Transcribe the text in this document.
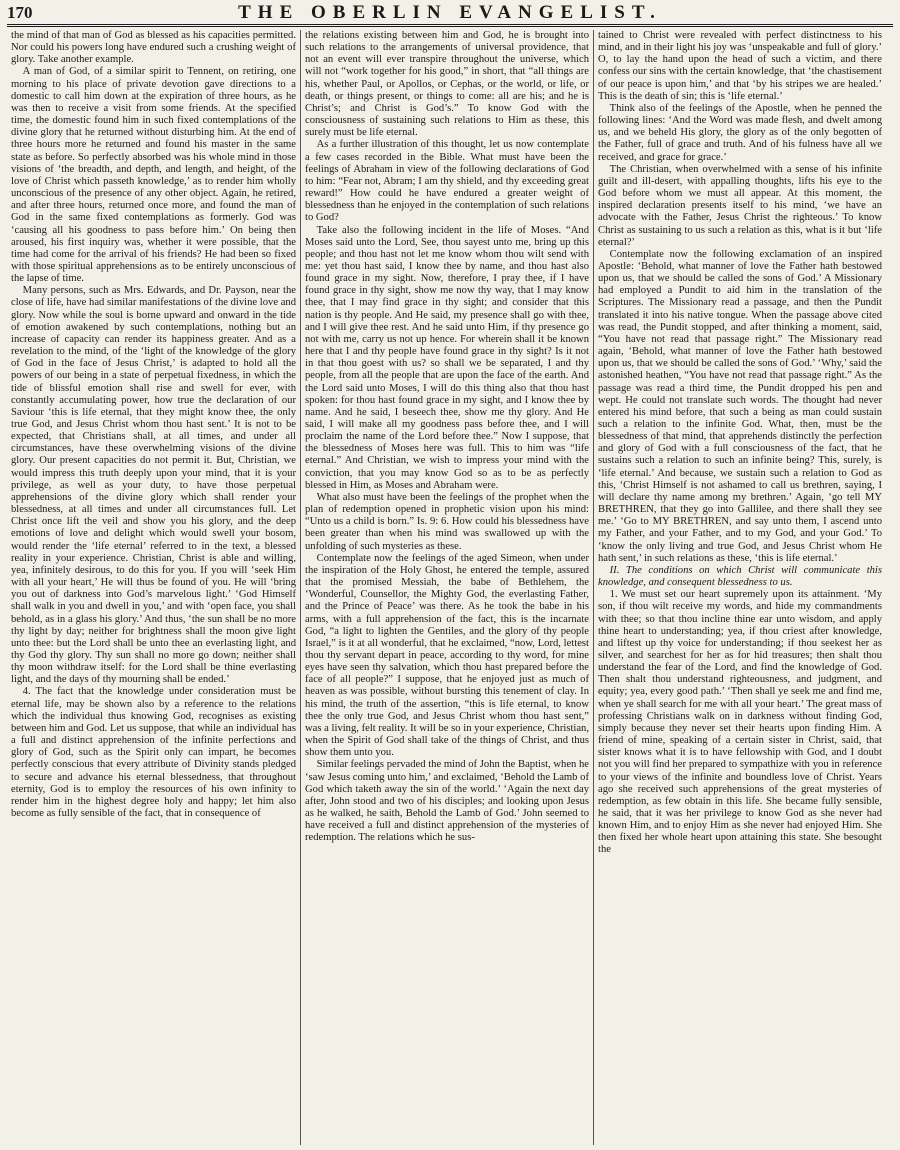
170	THE OBERLIN EVANGELIST.

the mind of that man of God as blessed as his capacities permitted. Nor could his powers long have endured such a crushing weight of glory. Take another example.

A man of God, of a similar spirit to Tennent, on retiring, one morning to his place of private devotion gave directions to a domestic to call him down at the expiration of three hours, as he was then to receive a visit from some friends. At the specified time, the domestic found him in such fixed contemplations of the divine glory that he returned without disturbing him. At the end of three hours more he returned and found his master in the same state as before. So perfectly absorbed was his whole mind in those visions of ‘the breadth, and depth, and length, and height, of the love of Christ which passeth knowledge,’ as to render him wholly unconscious of the presence of any other object. Again, he retired, and after three hours, returned once more, and found the man of God in the same fixed contemplations as formerly. God was ‘causing all his goodness to pass before him.’ On being then aroused, his first inquiry was, whether it were possible, that the time had come for the arrival of his friends? He had been so fixed with those spiritual apprehensions as to be entirely unconscious of the lapse of time.

Many persons, such as Mrs. Edwards, and Dr. Payson, near the close of life, have had similar manifestations of the divine love and glory. Now while the soul is borne upward and onward in the tide of emotion awakened by such contemplations, nothing but an increase of capacity can render its happiness greater. And as a revelation to the mind, of the ‘light of the knowledge of the glory of God in the face of Jesus Christ,’ is adapted to hold all the powers of our being in a state of perpetual fixedness, in which the tide of blissful emotion shall rise and swell for ever, with constantly accumulating power, how true the declaration of our Saviour ‘this is life eternal, that they might know thee, the only true God, and Jesus Christ whom thou hast sent.’ It is not to be expected, that Christians shall, at all times, and under all circumstances, have these overwhelming visions of the divine glory. Our present capacities do not permit it. But, Christian, we would impress this truth deeply upon your mind, that it is your privilege, as well as your duty, to have those perpetual apprehensions of the divine glory which shall render your blessedness, at all times and under all circumstances full. Let Christ once lift the veil and show you his glory, and the deep emotions of love and delight which would swell your bosom, would render the ‘life eternal’ referred to in the text, a blessed reality in your experience. Christian, Christ is able and willing, yea, infinitely desirous, to do this for you. If you will ‘seek Him with all your heart,’ He will thus be found of you. He will ‘bring you out of darkness into God’s marvelous light.’ ‘God Himself shall walk in you and dwell in you,’ and with ‘open face, you shall behold, as in a glass his glory.’ And thus, ‘the sun shall be no more thy light by day; neither for brightness shall the moon give light unto thee: but the Lord shall be unto thee an everlasting light, and thy God thy glory. Thy sun shall no more go down; neither shall thy moon withdraw itself: for the Lord shall be thine everlasting light, and the days of thy mourning shall be ended.’

4. The fact that the knowledge under consideration must be eternal life, may be shown also by a reference to the relations which the individual thus knowing God, recognises as existing between him and God. Let us suppose, that while an individual has a full and distinct apprehension of the infinite perfections and glory of God, such as the Spirit only can impart, he becomes perfectly conscious that every attribute of Divinity stands pledged to secure and advance his eternal blessedness, that throughout eternity, God is to employ the resources of his own infinity to render him in the highest degree holy and happy; let him also become as fully sensible of the fact, that in consequence of

the relations existing between him and God, he is brought into such relations to the arrangements of universal providence, that not an event will ever transpire throughout the universe, which will not “work together for his good,” in short, that “all things are his, whether Paul, or Apollos, or Cephas, or the world, or life, or death, or things present, or things to come: all are his; and he is Christ’s; and Christ is God’s.” To know God with the consciousness of sustaining such relations to Him as these, this surely must be life eternal.

As a further illustration of this thought, let us now contemplate a few cases recorded in the Bible. What must have been the feelings of Abraham in view of the following declarations of God to him: “Fear not, Abram; I am thy shield, and thy exceeding great reward!” How could he have endured a greater weight of blessedness than he enjoyed in the contemplation of such relations to God?

Take also the following incident in the life of Moses. “And Moses said unto the Lord, See, thou sayest unto me, bring up this people; and thou hast not let me know whom thou wilt send with me: yet thou hast said, I know thee by name, and thou hast also found grace in my sight. Now, therefore, I pray thee, if I have found grace in thy sight, show me now thy way, that I may know thee, that I may find grace in thy sight; and consider that this nation is thy people. And He said, my presence shall go with thee, and I will give thee rest. And he said unto Him, if thy presence go not with me, carry us not up hence. For wherein shall it be known here that I and thy people have found grace in thy sight? Is it not in that thou goest with us? so shall we be separated, I and thy people, from all the people that are upon the face of the earth. And the Lord said unto Moses, I will do this thing also that thou hast spoken: for thou hast found grace in my sight, and I know thee by name. And he said, I beseech thee, show me thy glory. And He said, I will make all my goodness pass before thee, and I will proclaim the name of the Lord before thee.” Now I suppose, that the blessedness of Moses here was full. This to him was “life eternal.” And Christian, we wish to impress your mind with the conviction, that you may know God so as to be as perfectly blessed in Him, as Moses and Abraham were.

What also must have been the feelings of the prophet when the plan of redemption opened in prophetic vision upon his mind: “Unto us a child is born.” Is. 9: 6. How could his blessedness have been greater than when his mind was swallowed up with the unfolding of such mysteries as these.

Contemplate now the feelings of the aged Simeon, when under the inspiration of the Holy Ghost, he entered the temple, assured that the promised Messiah, the babe of Bethlehem, the ‘Wonderful, Counsellor, the Mighty God, the everlasting Father, and the Prince of Peace’ was there. As he took the babe in his arms, with a full apprehension of the fact, this is the incarnate God, “a light to lighten the Gentiles, and the glory of thy people Israel,” is it at all wonderful, that he exclaimed, “now, Lord, lettest thou thy servant depart in peace, according to thy word, for mine eyes have seen thy salvation, which thou hast prepared before the face of all people?” I suppose, that he enjoyed just as much of heaven as was possible, without bursting this tenement of clay. In his mind, the truth of the assertion, “this is life eternal, to know thee the only true God, and Jesus Christ whom thou hast sent,” was a living, felt reality. It will be so in your experience, Christian, when the Spirit of God shall take of the things of Christ, and thus show them unto you.

Similar feelings pervaded the mind of John the Baptist, when he ‘saw Jesus coming unto him,’ and exclaimed, ‘Behold the Lamb of God which taketh away the sin of the world.’ ‘Again the next day after, John stood and two of his disciples; and looking upon Jesus as he walked, he saith, Behold the Lamb of God.’ John seemed to have received a full and distinct apprehension of the mysteries of redemption. The relations which he sus-

tained to Christ were revealed with perfect distinctness to his mind, and in their light his joy was ‘unspeakable and full of glory.’ O, to lay the hand upon the head of such a victim, and there confess our sins with the certain knowledge, that ‘the chastisement of our peace is upon him,’ and that ‘by his stripes we are healed.’ This is the death of sin; this is ‘life eternal.’

Think also of the feelings of the Apostle, when he penned the following lines: ‘And the Word was made flesh, and dwelt among us, and we beheld His glory, the glory as of the only begotten of the Father, full of grace and truth. And of his fulness have all we received, and grace for grace.’

The Christian, when overwhelmed with a sense of his infinite guilt and ill-desert, with appalling thoughts, lifts his eye to the God before whom we must all appear. At this moment, the inspired declaration presents itself to his mind, ‘we have an advocate with the Father, Jesus Christ the righteous.’ To know Christ as sustaining to us such a relation as this, what is it but ‘life eternal?’

Contemplate now the following exclamation of an inspired Apostle: ‘Behold, what manner of love the Father hath bestowed upon us, that we should be called the sons of God.’ A Missionary had employed a Pundit to aid him in the translation of the Scriptures. The Missionary read a passage, and then the Pundit translated it into his native tongue. When the passage above cited was read, the Pundit stopped, and after thinking a moment, said, “You have not read that passage right.” The Missionary read again, ‘Behold, what manner of love the Father hath bestowed upon us, that we should be called the sons of God.’ ‘Why,’ said the astonished heathen, “You have not read that passage right.” As the passage was read a third time, the Pundit dropped his pen and wept. He could not translate such words. The thought had never entered his mind before, that such a being as man could sustain such a relation to the infinite God. What, then, must be the blessedness of that mind, that apprehends distinctly the perfection and glory of God with a full consciousness of the fact, that he sustains such a relation to such an infinite being? This, surely, is ‘life eternal.’ And because, we sustain such a relation to God as this, ‘Christ Himself is not ashamed to call us brethren, saying, I will declare thy name among my brethren.’ Again, ‘go tell MY BRETHREN, that they go into Gallilee, and there shall they see me.’ ‘Go to MY BRETHREN, and say unto them, I ascend unto my Father, and your Father, and to my God, and your God.’ To ‘know the only living and true God, and Jesus Christ whom He hath sent,’ in such relations as these, ‘this is life eternal.’

II. The conditions on which Christ will communicate this knowledge, and consequent blessedness to us.

1. We must set our heart supremely upon its attainment. ‘My son, if thou wilt receive my words, and hide my commandments with thee; so that thou incline thine ear unto wisdom, and apply thine heart to understanding; yea, if thou criest after knowledge, and liftest up thy voice for understanding; if thou seekest her as silver, and searchest for her as for hid treasures; then shalt thou understand the fear of the Lord, and find the knowledge of God. Then shalt thou understand righteousness, and judgment, and equity; yea, every good path.’ ‘Then shall ye seek me and find me, when ye shall search for me with all your heart.’ The great mass of professing Christians walk on in darkness without finding God, simply because they never set their hearts upon finding Him. A friend of mine, speaking of a certain sister in Christ, said, that sister knows what it is to have fellowship with God, and I doubt not you will find her prepared to sympathize with you in reference to your views of the infinite and boundless love of Christ. Years ago she received such apprehensions of the great mysteries of redemption, as few obtain in this life. She became fully sensible, he said, that it was her privilege to know God as she never had known Him, and to enjoy Him as she never had enjoyed Him. She then fixed her whole heart upon attaining this state. She besought the
